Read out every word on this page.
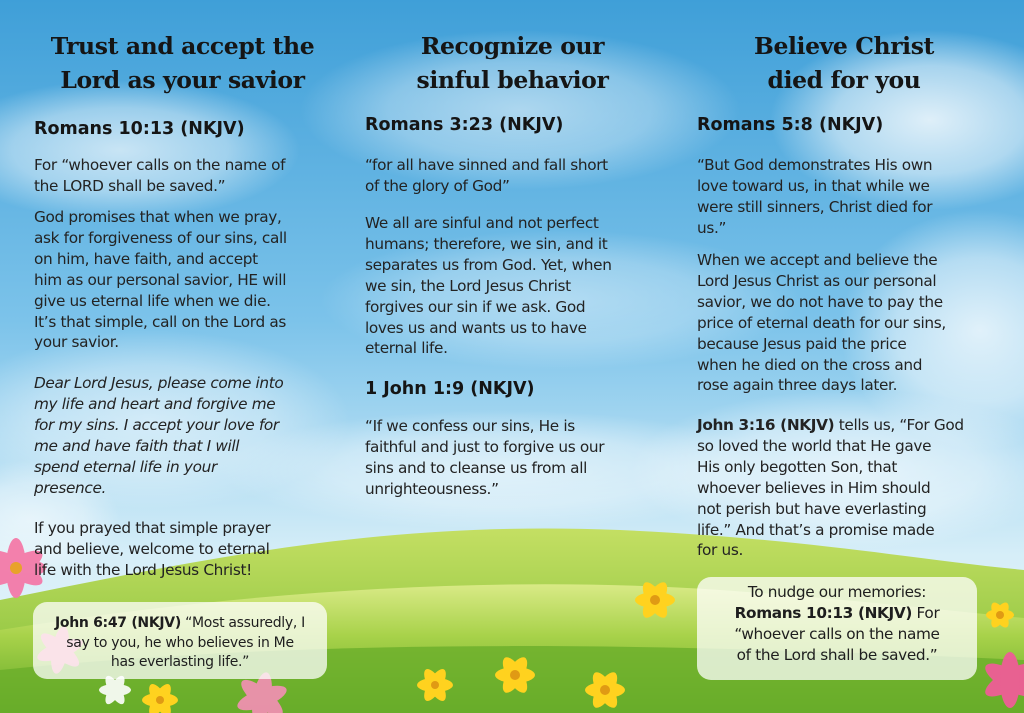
Trust and accept the
Lord as your savior

Romans 10:13 (NKJV)

For “whoever calls on the name of
the LORD shall be saved.”
God promises that when we pray,
ask for forgiveness of our sins, call
on him, have faith, and accept
him as our personal savior, HE will
give us eternal life when we die.
It’s that simple, call on the Lord as
your savior.
Dear Lord Jesus, please come into
my life and heart and forgive me
for my sins. I accept your love for
me and have faith that I will
spend eternal life in your
presence.
If you prayed that simple prayer
and believe, welcome to eternal
life with the Lord Jesus Christ!
John 6:47 (NKJV) “Most assuredly, I
say to you, he who believes in Me
has everlasting life.”
Recognize our
sinful behavior

Romans 3:23 (NKJV)

“for all have sinned and fall short
of the glory of God”
We all are sinful and not perfect
humans; therefore, we sin, and it
separates us from God. Yet, when
we sin, the Lord Jesus Christ
forgives our sin if we ask. God
loves us and wants us to have
eternal life.

1 John 1:9 (NKJV)

“If we confess our sins, He is
faithful and just to forgive us our
sins and to cleanse us from all
unrighteousness.”
Believe Christ
died for you

Romans 5:8 (NKJV)

“But God demonstrates His own
love toward us, in that while we
were still sinners, Christ died for
us.”
When we accept and believe the
Lord Jesus Christ as our personal
savior, we do not have to pay the
price of eternal death for our sins,
because Jesus paid the price
when he died on the cross and
rose again three days later.
John 3:16 (NKJV) tells us, “For God
so loved the world that He gave
His only begotten Son, that
whoever believes in Him should
not perish but have everlasting
life.” And that’s a promise made
for us.
To nudge our memories:
Romans 10:13 (NKJV) For
“whoever calls on the name
of the Lord shall be saved.”
